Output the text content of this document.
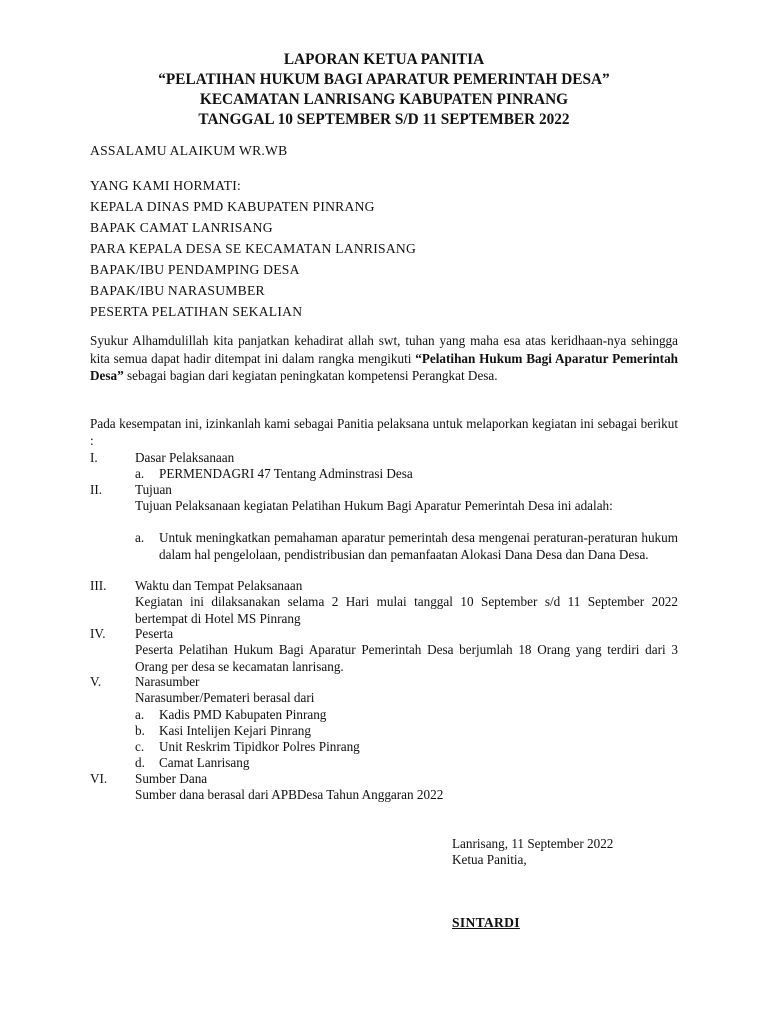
LAPORAN KETUA PANITIA
“PELATIHAN HUKUM BAGI APARATUR PEMERINTAH DESA”
KECAMATAN LANRISANG KABUPATEN PINRANG
TANGGAL 10 SEPTEMBER S/D 11 SEPTEMBER 2022
ASSALAMU ALAIKUM WR.WB
YANG KAMI HORMATI:
KEPALA DINAS PMD KABUPATEN PINRANG
BAPAK CAMAT LANRISANG
PARA KEPALA DESA SE KECAMATAN LANRISANG
BAPAK/IBU PENDAMPING DESA
BAPAK/IBU NARASUMBER
PESERTA PELATIHAN SEKALIAN
Syukur Alhamdulillah kita panjatkan kehadirat allah swt, tuhan yang maha esa atas keridhaan-nya sehingga kita semua dapat hadir ditempat ini dalam rangka mengikuti “Pelatihan Hukum Bagi Aparatur Pemerintah Desa” sebagai bagian dari kegiatan peningkatan kompetensi Perangkat Desa.
Pada kesempatan ini, izinkanlah kami sebagai Panitia pelaksana untuk melaporkan kegiatan ini sebagai berikut :
I.	Dasar Pelaksanaan
a. PERMENDAGRI 47 Tentang Adminstrasi Desa
II. Tujuan
Tujuan Pelaksanaan kegiatan Pelatihan Hukum Bagi Aparatur Pemerintah Desa ini adalah:
a. Untuk meningkatkan pemahaman aparatur pemerintah desa mengenai peraturan-peraturan hukum dalam hal pengelolaan, pendistribusian dan pemanfaatan Alokasi Dana Desa dan Dana Desa.
III. Waktu dan Tempat Pelaksanaan
Kegiatan ini dilaksanakan selama 2 Hari mulai tanggal 10 September s/d 11 September 2022 bertempat di Hotel MS Pinrang
IV. Peserta
Peserta Pelatihan Hukum Bagi Aparatur Pemerintah Desa berjumlah 18 Orang yang terdiri dari 3 Orang per desa se kecamatan lanrisang.
V.	Narasumber
Narasumber/Pemateri berasal dari
a. Kadis PMD Kabupaten Pinrang
b. Kasi Intelijen Kejari Pinrang
c. Unit Reskrim Tipidkor Polres Pinrang
d. Camat Lanrisang
VI. Sumber Dana
Sumber dana berasal dari APBDesa Tahun Anggaran 2022
Lanrisang, 11 September 2022
Ketua Panitia,
SINTARDI
